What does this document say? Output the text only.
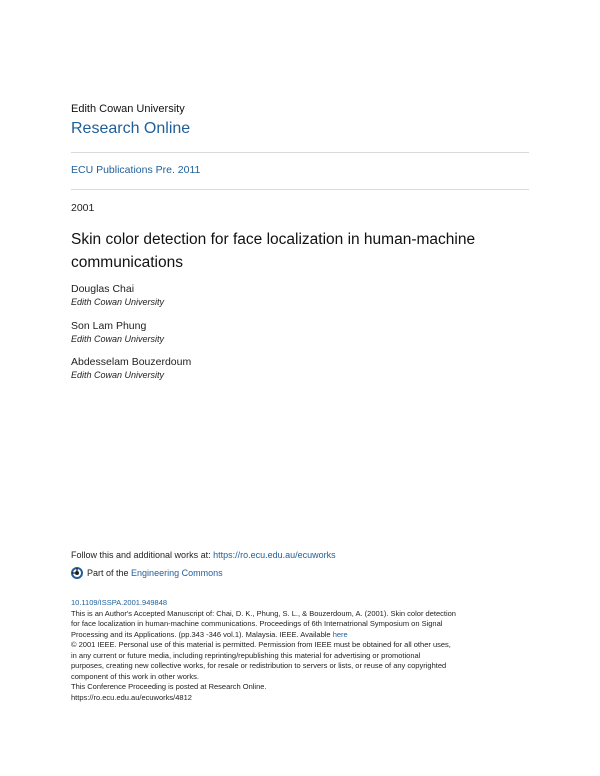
Edith Cowan University
Research Online
ECU Publications Pre. 2011
2001
Skin color detection for face localization in human-machine communications
Douglas Chai
Edith Cowan University
Son Lam Phung
Edith Cowan University
Abdesselam Bouzerdoum
Edith Cowan University
Follow this and additional works at: https://ro.ecu.edu.au/ecuworks
Part of the
Engineering Commons
10.1109/ISSPA.2001.949848
This is an Author's Accepted Manuscript of: Chai, D. K., Phung, S. L., & Bouzerdoum, A. (2001). Skin color detection
for face localization in human-machine communications. Proceedings of 6th Internatrional Symposium on Signal
Processing and its Applications. (pp.343 -346 vol.1). Malaysia. IEEE. Available here
© 2001 IEEE. Personal use of this material is permitted. Permission from IEEE must be obtained for all other uses,
in any current or future media, including reprinting/republishing this material for advertising or promotional
purposes, creating new collective works, for resale or redistribution to servers or lists, or reuse of any copyrighted
component of this work in other works.
This Conference Proceeding is posted at Research Online.
https://ro.ecu.edu.au/ecuworks/4812
